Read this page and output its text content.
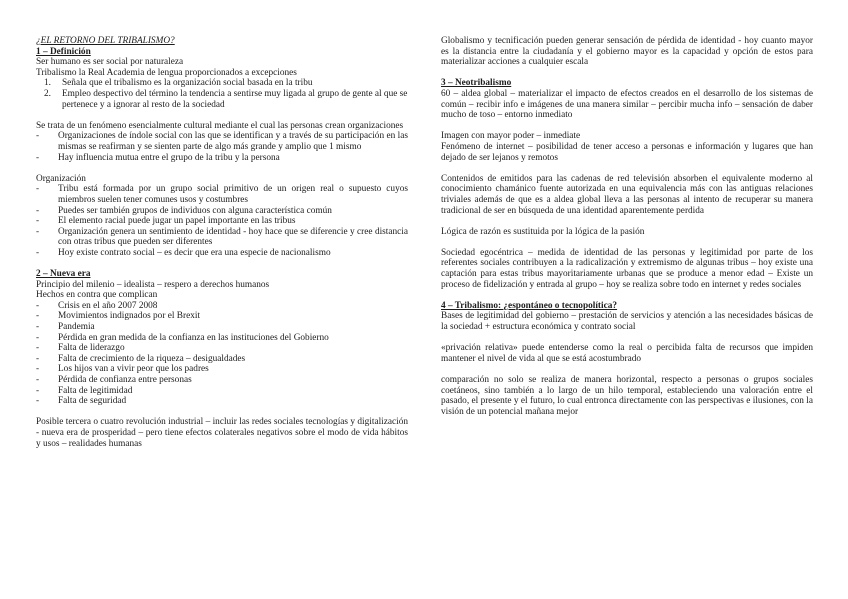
¿EL RETORNO DEL TRIBALISMO?

1 – Definición

Ser humano es ser social por naturaleza

Tribalismo la Real Academia de lengua proporcionados a excepciones

1.	Señala que el tribalismo es la organización social basada en la tribu
2.	Empleo despectivo del término la tendencia a sentirse muy ligada al grupo de gente al que se pertenece y a ignorar al resto de la sociedad

Se trata de un fenómeno esencialmente cultural mediante el cual las personas crean organizaciones

-	Organizaciones de índole social con las que se identifican y a través de su participación en las mismas se reafirman y se sienten parte de algo más grande y amplio que 1 mismo
-	Hay influencia mutua entre el grupo de la tribu y la persona

Organización

-	Tribu está formada por un grupo social primitivo de un origen real o supuesto cuyos miembros suelen tener comunes usos y costumbres
-	Puedes ser también grupos de individuos con alguna característica común
-	El elemento racial puede jugar un papel importante en las tribus
-	Organización genera un sentimiento de identidad - hoy hace que se diferencie y cree distancia con otras tribus que pueden ser diferentes
-	Hoy existe contrato social – es decir que era una especie de nacionalismo

2 – Nueva era

Principio del milenio – idealista – respero a derechos humanos

Hechos en contra que complican

-	Crisis en el año 2007 2008
-	Movimientos indignados por el Brexit
-	Pandemia
-	Pérdida en gran medida de la confianza en las instituciones del Gobierno
-	Falta de liderazgo
-	Falta de crecimiento de la riqueza – desigualdades
-	Los hijos van a vivir peor que los padres
-	Pérdida de confianza entre personas
-	Falta de legitimidad
-	Falta de seguridad

Posible tercera o cuatro revolución industrial – incluir las redes sociales tecnologías y digitalización - nueva era de prosperidad – pero tiene efectos colaterales negativos sobre el modo de vida hábitos y usos – realidades humanas

Globalismo y tecnificación pueden generar sensación de pérdida de identidad - hoy cuanto mayor es la distancia entre la ciudadanía y el gobierno mayor es la capacidad y opción de estos para materializar acciones a cualquier escala

3 – Neotribalismo

60 – aldea global – materializar el impacto de efectos creados en el desarrollo de los sistemas de común – recibir info e imágenes de una manera similar – percibir mucha info – sensación de daber mucho de toso – entorno inmediato

Imagen con mayor poder – inmediate

Fenómeno de internet – posibilidad de tener acceso a personas e información y lugares que han dejado de ser lejanos y remotos

Contenidos de emitidos para las cadenas de red televisión absorben el equivalente moderno al conocimiento chamánico fuente autorizada en una equivalencia más con las antiguas relaciones triviales además de que es a aldea global lleva a las personas al intento de recuperar su manera tradicional de ser en búsqueda de una identidad aparentemente perdida

Lógica de razón es sustituida por la lógica de la pasión

Sociedad egocéntrica – medida de identidad de las personas y legitimidad por parte de los referentes sociales contribuyen a la radicalización y extremismo de algunas tribus – hoy existe una captación para estas tribus mayoritariamente urbanas que se produce a menor edad – Existe un proceso de fidelización y entrada al grupo – hoy se realiza sobre todo en internet y redes sociales

4 – Tribalismo: ¿espontáneo o tecnopolítica?

Bases de legitimidad del gobierno – prestación de servicios y atención a las necesidades básicas de la sociedad + estructura económica y contrato social

«privación relativa» puede entenderse como la real o percibida falta de recursos que impiden mantener el nivel de vida al que se está acostumbrado

comparación no solo se realiza de manera horizontal, respecto a personas o grupos sociales coetáneos, sino también a lo largo de un hilo temporal, estableciendo una valoración entre el pasado, el presente y el futuro, lo cual entronca directamente con las perspectivas e ilusiones, con la visión de un potencial mañana mejor
